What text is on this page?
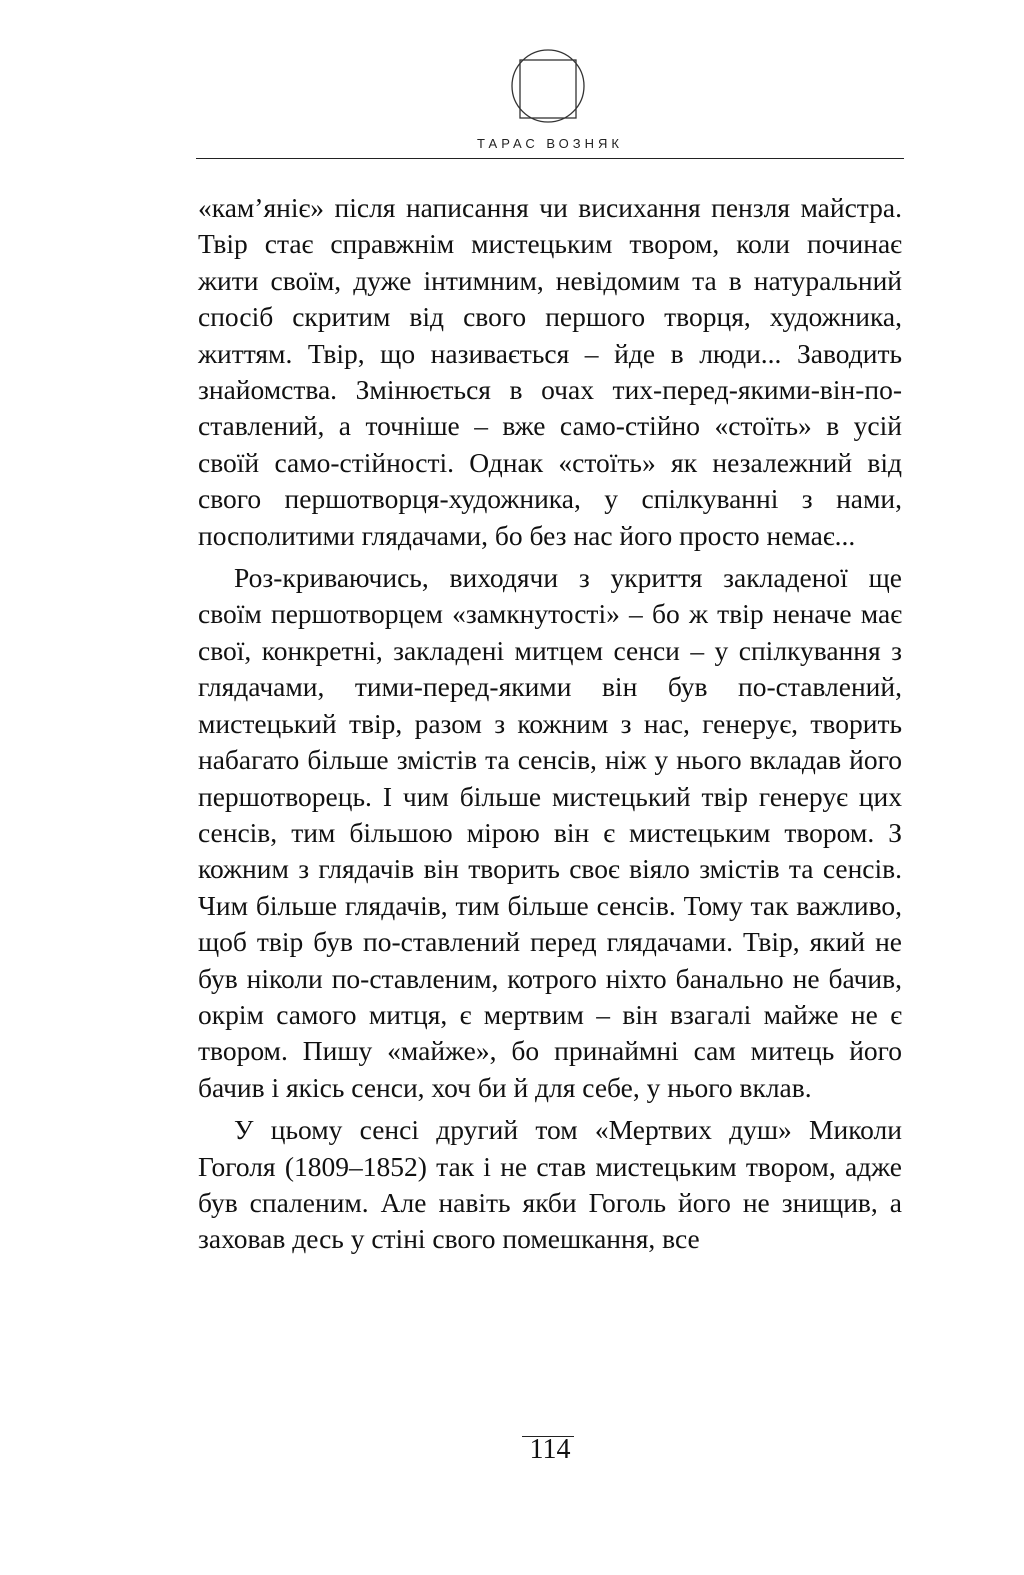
ТАРАС ВОЗНЯК

«кам’яніє» після написання чи висихання пензля майстра. Твір стає справжнім мистецьким твором, коли починає жити своїм, дуже інтимним, невідомим та в натуральний спосіб скритим від свого першого творця, художника, життям. Твір, що називається – йде в люди... Заводить знайомства. Змінюється в очах тих-перед-якими-він-по-ставлений, а точніше – вже само-стійно «стоїть» в усій своїй само-стійності. Однак «стоїть» як незалежний від свого першотворця-художника, у спілкуванні з нами, посполитими глядачами, бо без нас його просто немає...

Роз-криваючись, виходячи з укриття закладеної ще своїм першотворцем «замкнутості» – бо ж твір неначе має свої, конкретні, закладені митцем сенси – у спілкування з глядачами, тими-перед-якими він був по-ставлений, мистецький твір, разом з кожним з нас, генерує, творить набагато більше змістів та сенсів, ніж у нього вкладав його першотворець. І чим більше мистецький твір генерує цих сенсів, тим більшою мірою він є мистецьким твором. З кожним з глядачів він творить своє віяло змістів та сенсів. Чим більше глядачів, тим більше сенсів. Тому так важливо, щоб твір був по-ставлений перед глядачами. Твір, який не був ніколи по-ставленим, котрого ніхто банально не бачив, окрім самого митця, є мертвим – він взагалі майже не є твором. Пишу «майже», бо принаймні сам митець його бачив і якісь сенси, хоч би й для себе, у нього вклав.

У цьому сенсі другий том «Мертвих душ» Миколи Гоголя (1809–1852) так і не став мистецьким твором, адже був спаленим. Але навіть якби Гоголь його не знищив, а заховав десь у стіні свого помешкання, все

114
